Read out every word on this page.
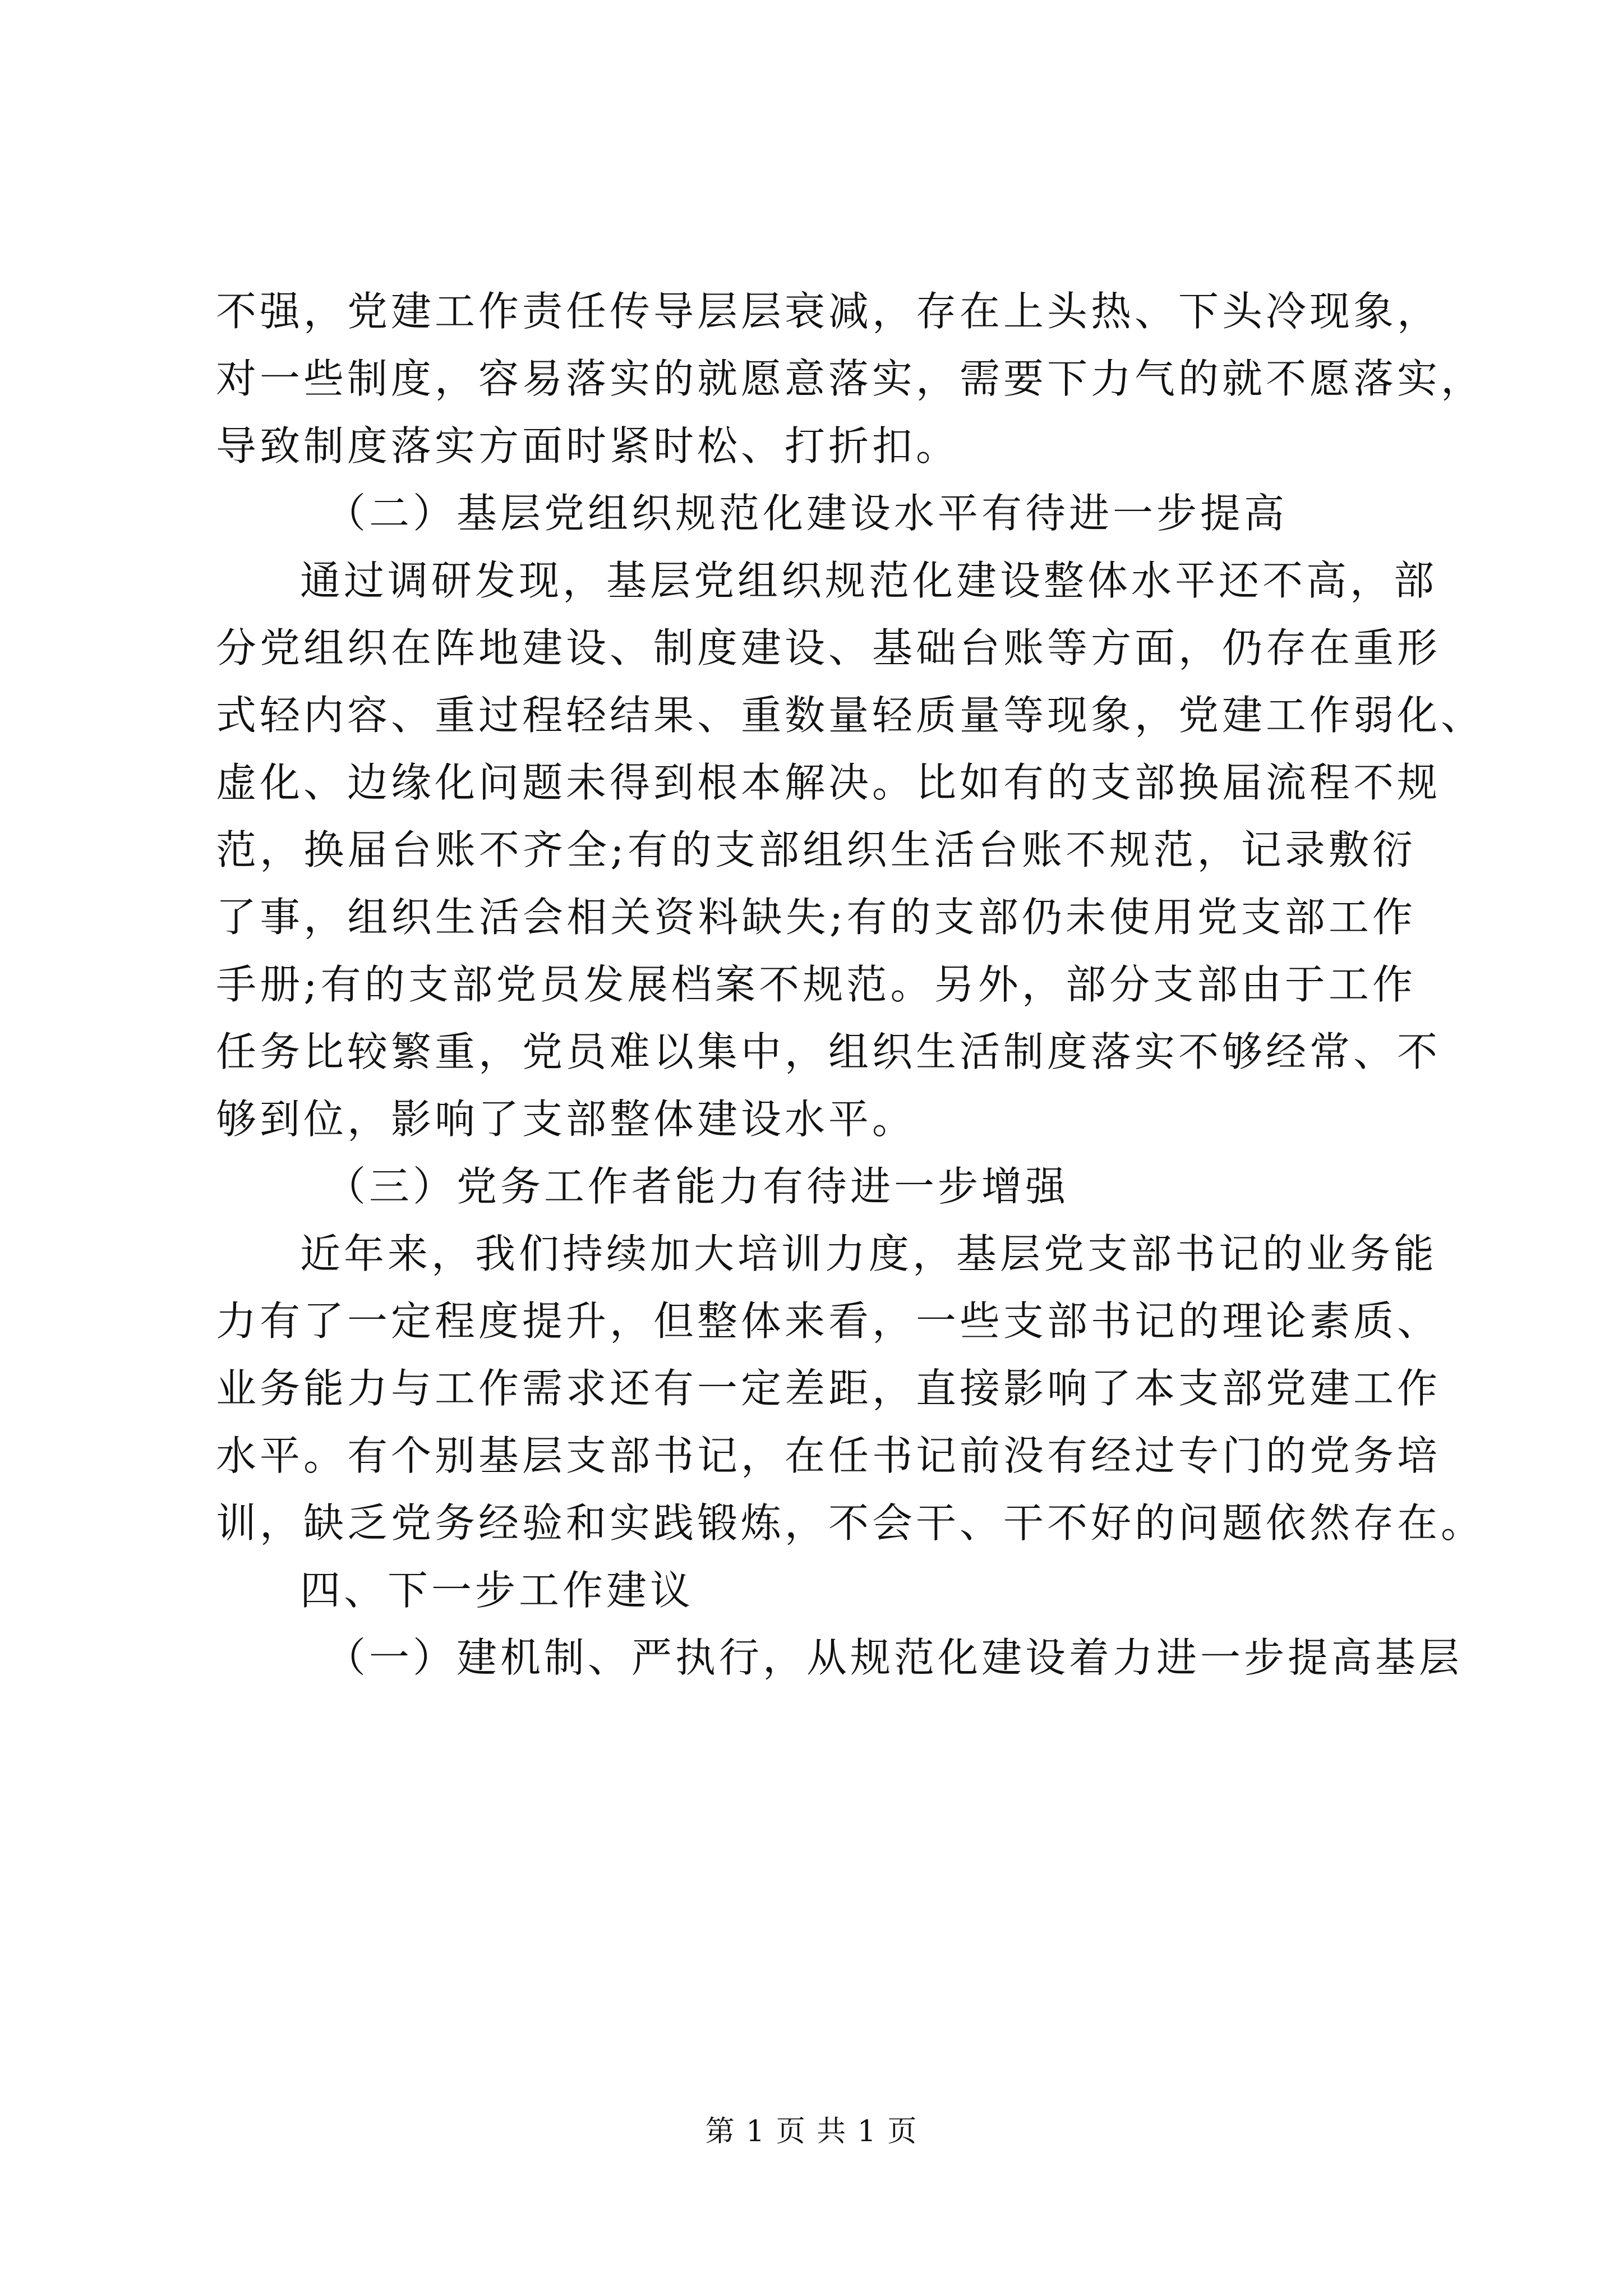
不强，党建工作责任传导层层衰减，存在上头热、下头冷现象，
对一些制度，容易落实的就愿意落实，需要下力气的就不愿落实，
导致制度落实方面时紧时松、打折扣。
（二）基层党组织规范化建设水平有待进一步提高
通过调研发现，基层党组织规范化建设整体水平还不高，部
分党组织在阵地建设、制度建设、基础台账等方面，仍存在重形
式轻内容、重过程轻结果、重数量轻质量等现象，党建工作弱化、
虚化、边缘化问题未得到根本解决。比如有的支部换届流程不规
范，换届台账不齐全;有的支部组织生活台账不规范，记录敷衍
了事，组织生活会相关资料缺失;有的支部仍未使用党支部工作
手册;有的支部党员发展档案不规范。另外，部分支部由于工作
任务比较繁重，党员难以集中，组织生活制度落实不够经常、不
够到位，影响了支部整体建设水平。
（三）党务工作者能力有待进一步增强
近年来，我们持续加大培训力度，基层党支部书记的业务能
力有了一定程度提升，但整体来看，一些支部书记的理论素质、
业务能力与工作需求还有一定差距，直接影响了本支部党建工作
水平。有个别基层支部书记，在任书记前没有经过专门的党务培
训，缺乏党务经验和实践锻炼，不会干、干不好的问题依然存在。
四、下一步工作建议
（一）建机制、严执行，从规范化建设着力进一步提高基层
第 1 页 共 1 页
